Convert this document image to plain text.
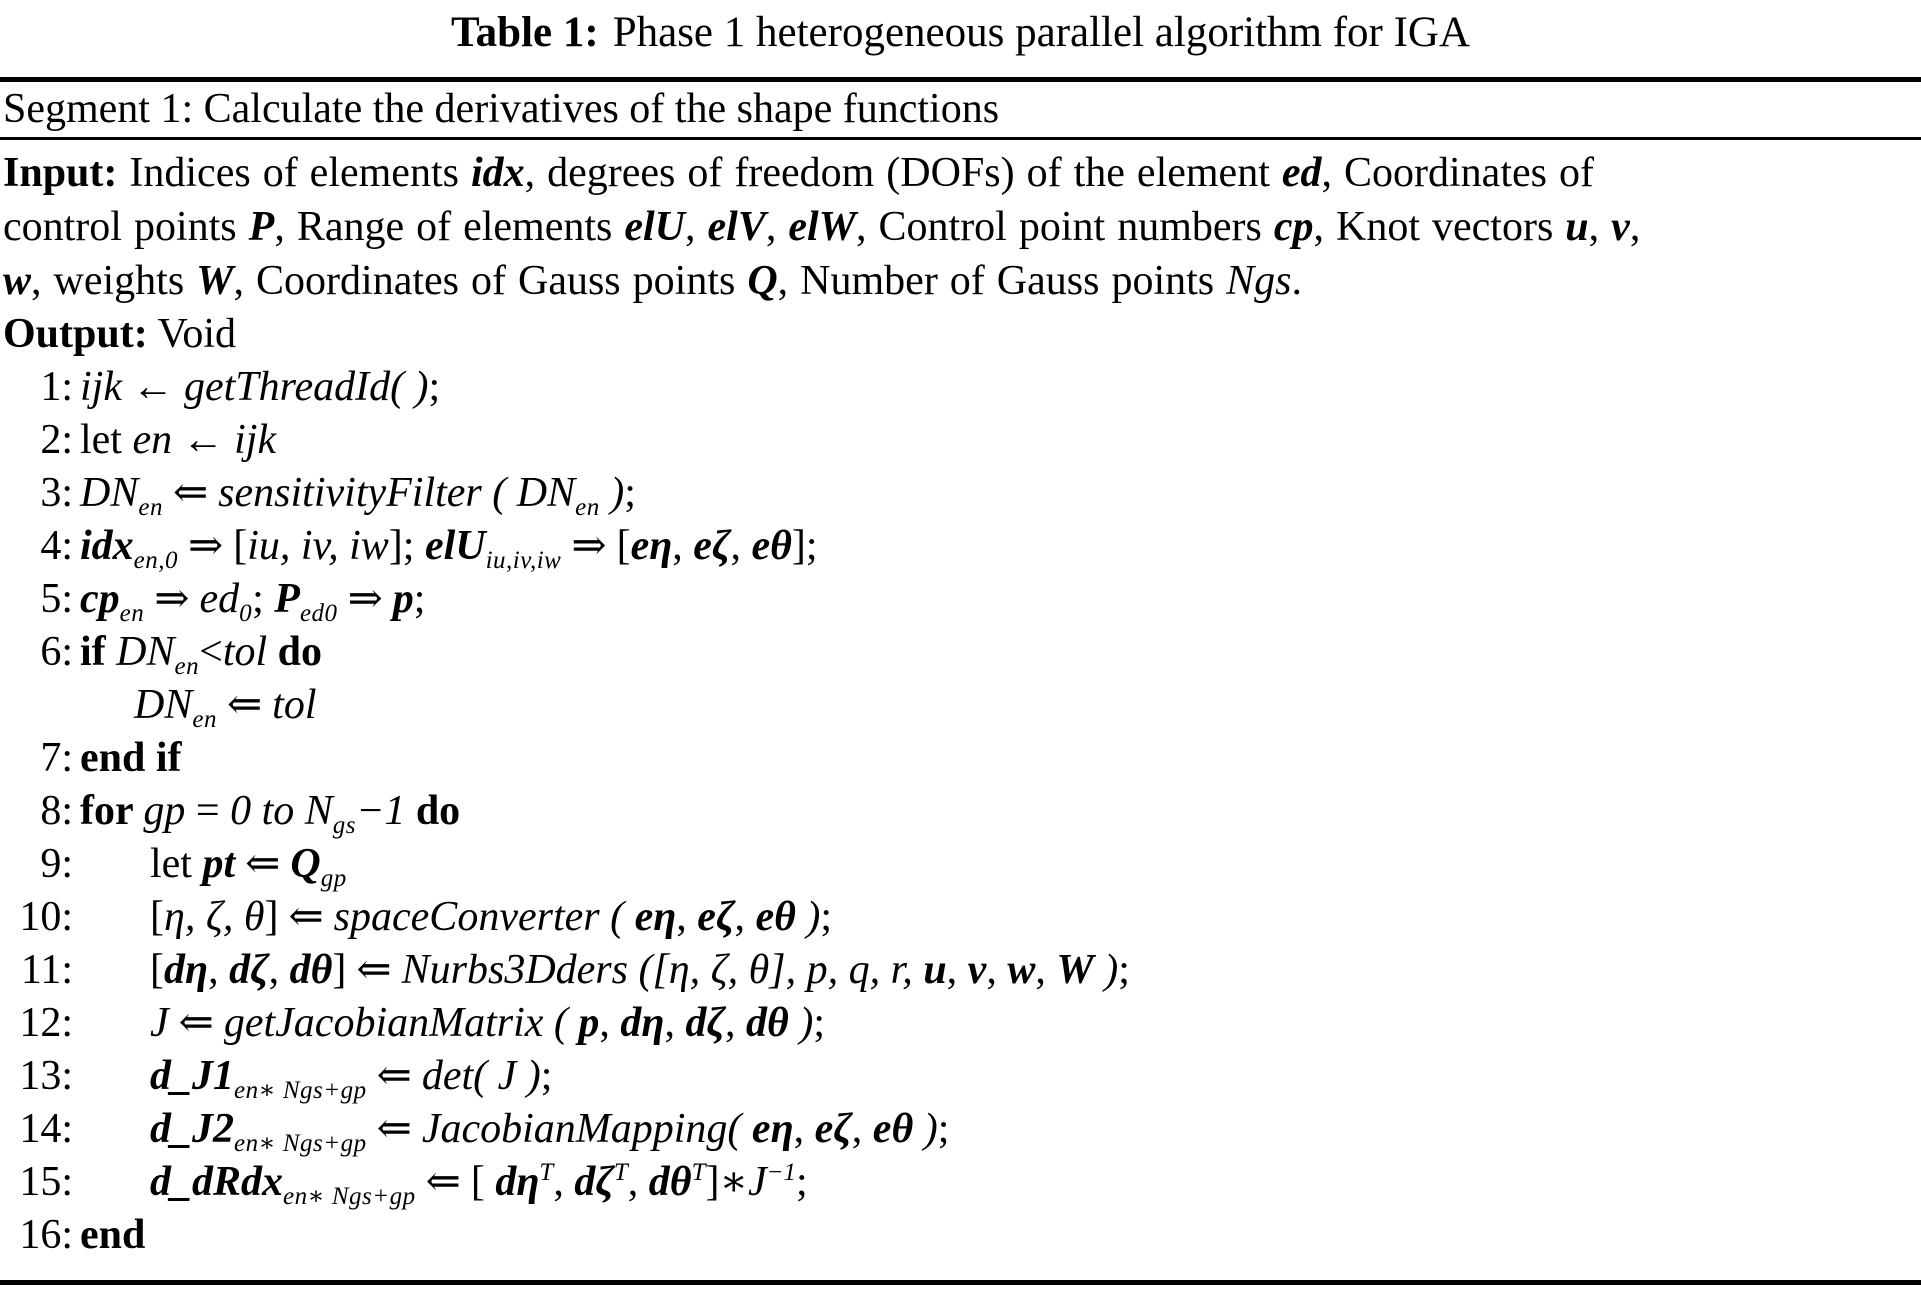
Table 1: Phase 1 heterogeneous parallel algorithm for IGA
Segment 1: Calculate the derivatives of the shape functions
Input: Indices of elements idx, degrees of freedom (DOFs) of the element ed, Coordinates of
control points P, Range of elements elU, elV, elW, Control point numbers cp, Knot vectors u, v,
w, weights W, Coordinates of Gauss points Q, Number of Gauss points Ngs.
Output: Void
1: ijk ← getThreadId( );
2: let en ← ijk
3: $DN_{en}$ ⇐ sensitivityFilter ( $DN_{en}$ );
4: idx$_{en,0}$ ⇒ [iu, iv, iw]; elU$_{iu,iv,iw}$ ⇒ [eη, eζ, eθ];
5: $cp_{en}$ ⇒ $ed_0$; $P_{ed0}$ ⇒ p;
6: if $DN_{en}<tol$ do
$DN_{en}$ ⇐ tol
7: end if
8: for gp = 0 to $N_{gs}-1$ do
9:	let pt ⇐ $Q_{gp}$
10:	[η, ζ, θ] ⇐ spaceConverter ( eη, eζ, eθ );
11:	[dη, dζ, dθ] ⇐ Nurbs3Dders ([η, ζ, θ], p, q, r, u, v, w, W );
12:	J ⇐ getJacobianMatrix ( p, dη, dζ, dθ );
13:	$d\_J1_{en∗ Ngs+gp}$ ⇐ det( J );
14:	$d\_J2_{en∗ Ngs+gp}$ ⇐ JacobianMapping( eη, eζ, eθ );
15:	d_dRdx$_{en∗ Ngs+gp}$ ⇐ [ $d\eta^T$, $d\zeta^T$, $d\theta^T]∗J^{-1}$;
16: end
